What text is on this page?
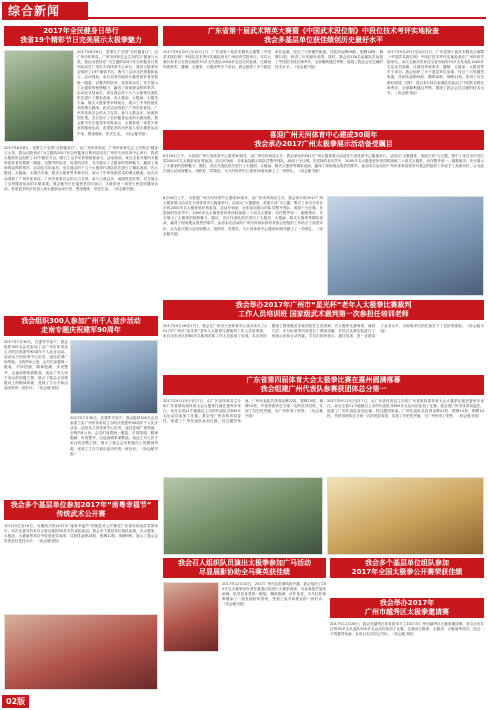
综合新闻
2017年全民健身日举行
我省19个精彩节日完美展示太极拳魅力
2017年8月8日，是第九个全国“全民健身日”。由广州市体育局、广州市体育总会主办的以“健身与大美，我运动我快乐”为主题的2017年全民健身日系列活动在广州市天河体育中心举行，我省太极拳协会组织了19个精彩节目，吸引了众多市民观看和参与。活动现场，来自全省各地的太极拳爱好者身着统一服装，以整齐的队形、优美的动作，充分展示了太极拳的独特魅力，赢得了现场观众阵阵掌声。启动仪式结束后，来自我会的十几个太极拳代表队依次进行了精彩表演，有太极剑、太极扇、太极功夫扇、陈式太极拳等多种项目，展示了中华传统武术的博大精深。此次活动得到了广州市体育局、广州市体育总会的大力支持，参与人数众多，场面热烈壮观，充分展示了全民健身运动的丰硕成果。我会秘书长在接受采访时表示，太极拳是一项老少皆宜的健身运动，希望更多的市民加入到太极拳运动中来，强身健体，快乐生活。（协会秘书组）
2017年8月8日，是第九个全国“全民健身日”。由广州市体育局、广州市体育总会主办的以“健身与大美，我运动我快乐”为主题的2017年全民健身日系列活动在广州市天河体育中心举行，我省太极拳协会组织了19个精彩节目，吸引了众多市民观看和参与。活动现场，来自全省各地的太极拳爱好者身着统一服装，以整齐的队形、优美的动作，充分展示了太极拳的独特魅力，赢得了现场观众阵阵掌声。启动仪式结束后，来自我会的十几个太极拳代表队依次进行了精彩表演，有太极剑、太极扇、太极功夫扇、陈式太极拳等多种项目，展示了中华传统武术的博大精深。此次活动得到了广州市体育局、广州市体育总会的大力支持，参与人数众多，场面热烈壮观，充分展示了全民健身运动的丰硕成果。我会秘书长在接受采访时表示，太极拳是一项老少皆宜的健身运动，希望更多的市民加入到太极拳运动中来，强身健体，快乐生活。（协会秘书组）
我会组织300人参加广州千人徒步活动
走南专题庆祝建军90周年
2017年7月30日，在建军节前夕，我会组织300名会员参加了由广州市体育局主办的庆祝建军90周年千人徒步活动。活动从天河体育中心出发，途经花城广场等地，全程约8公里。会员们身着统一服装，手持国旗，精神饱满，步伐整齐，沿途高唱革命歌曲，表达了对人民子弟兵的崇敬之情，展示了我会会员积极向上的精神风貌，受到了主办方和沿途市民的一致好评。（协会秘书组）
2017年7月30日，在建军节前夕，我会组织300名会员参加了由广州市体育局主办的庆祝建军90周年千人徒步活动。活动从天河体育中心出发，途经花城广场等地，全程约8公里。会员们身着统一服装，手持国旗，精神饱满，步伐整齐，沿途高唱革命歌曲，表达了对人民子弟兵的崇敬之情，展示了我会会员积极向上的精神风貌，受到了主办方和沿途市民的一致好评。（协会秘书组）
我会多个基层单位参加2017年“南粤幸福节”
传统武术公开赛
10月15日至16日，为期两天的2017年“南粤幸福节”传统武术公开赛在广东省体育局武术馆举行。本次比赛共有来自全省各地的50多支代表队参加，我会多个基层单位组队参赛，在太极拳、太极剑、太极扇等项目中取得优异成绩，共获得金牌18枚、银牌12枚、铜牌9枚，展示了我会会员的良好竞技水平。（协会秘书组）
广东省第十届武术精英大赛暨《中国武术段位制》中段位技术考评实地检查
我会多基层单位获佳绩创历史最好水平
2017年9月29日至10月1日，广东省第十届武术精英大赛暨《中国武术段位制》中段位技术考评实地检查在广州体育学院举行。本次大赛共有来自全省各地的70多支代表队1000多名运动员参赛，比赛设传统拳术、器械、太极拳、太极剑等多个项目。我会组织了多个基层单位参赛，经过三天的激烈角逐，共获得金牌26枚、银牌18枚、铜牌11枚，取得了历史最好成绩。同时，我会有134名参赛队员参加了中国武术段位制考评，全部顺利通过考核，展现了我会会员过硬的技术水平。（协会秘书组）
2017年9月29日至10月1日，广东省第十届武术精英大赛暨《中国武术段位制》中段位技术考评实地检查在广州体育学院举行。本次大赛共有来自全省各地的70多支代表队1000多名运动员参赛，比赛设传统拳术、器械、太极拳、太极剑等多个项目。我会组织了多个基层单位参赛，经过三天的激烈角逐，共获得金牌26枚、银牌18枚、铜牌11枚，取得了历史最好成绩。同时，我会有134名参赛队员参加了中国武术段位制考评，全部顺利通过考核，展现了我会会员过硬的技术水平。（协会秘书组）
喜迎广州天河体育中心建成30周年
我会承办2017广州太极拳展示活动备受瞩目
8月26日上午，为喜迎广州天河体育中心建成30周年，由广州市体育局主办、我会承办的2017广州太极拳展示活动在天河体育中心隆重举行。活动以“太极健身，美丽天河”为主题，吸引了来自全市各区的2000多名太极拳爱好者参加。活动开始前，全体参加展示的队员整齐列队，场面十分壮观。在悠扬的音乐声中，2000多名太极拳爱好者同时演练二十四式太极拳，动作整齐划一，刚柔相济，充分展示了太极拳的独特魅力。随后，各区代表队依次进行了太极剑、太极扇、陈式太极拳等精彩表演，赢得了现场观众的热烈掌声。参加本次活动的广州市体育局领导对我会的组织工作给予了高度评价，认为此次展示活动规模大、组织好、效果佳，为天河体育中心建成30周年献上了一份厚礼。（协会秘书组）
8月26日上午，为喜迎广州天河体育中心建成30周年，由广州市体育局主办、我会承办的2017广州太极拳展示活动在天河体育中心隆重举行。活动以“太极健身，美丽天河”为主题，吸引了来自全市各区的2000多名太极拳爱好者参加。活动开始前，全体参加展示的队员整齐列队，场面十分壮观。在悠扬的音乐声中，2000多名太极拳爱好者同时演练二十四式太极拳，动作整齐划一，刚柔相济，充分展示了太极拳的独特魅力。随后，各区代表队依次进行了太极剑、太极扇、陈式太极拳等精彩表演，赢得了现场观众的热烈掌声。参加本次活动的广州市体育局领导对我会的组织工作给予了高度评价，认为此次展示活动规模大、组织好、效果佳，为天河体育中心建成30周年献上了一份厚礼。（协会秘书组）
我会举办2017年广州市“星光杯”老年人太极拳比赛裁判
工作人员培训班 国家级武术裁判第一次参担任培训老师
2017年9月16至17日，我会在广州市天河体育中心成功举办了2017年广州市“星光杯”老年人太极拳比赛裁判工作人员培训班。来自全市各区的60多名裁判员和工作人员参加了培训。本次培训邀请了国家级武术裁判担任主讲老师，对太极拳比赛规则、裁判方法、评分标准等内容进行了系统讲解，并结合比赛实际进行了现场示范和互动答疑。学员们纷纷表示，通过培训，进一步提高了业务水平，为即将举行的比赛打下了良好的基础。（协会秘书组）
广东省第四届体育大会太极拳比赛在惠州圆满落幕
我会组建广州代表队参赛获团体总分第一
2017年9月15日至17日，由广东省体育局主办的广东省第四届体育大会太极拳比赛在惠州市举行。来自全省21个地级以上市的代表队共600多名运动员参加了比赛。我会受广州市体育局委托，组建了广州代表队参加比赛。经过激烈角逐，广州代表队共获得金牌22枚、银牌15枚、铜牌10枚，并获得团体总分第一名的优异成绩，实现了历史性突破，为广州争得了荣誉。（协会秘书组）
2017年9月15日至17日，由广东省体育局主办的广东省第四届体育大会太极拳比赛在惠州市举行。来自全省21个地级以上市的代表队共600多名运动员参加了比赛。我会受广州市体育局委托，组建了广州代表队参加比赛。经过激烈角逐，广州代表队共获得金牌22枚、银牌15枚、铜牌10枚，并获得团体总分第一名的优异成绩，实现了历史性突破，为广州争得了荣誉。（协会秘书组）
我会多个基层单位组队参加
2017年全国太极拳公开赛荣获佳绩
我会召人组织队员演出太极拳参加广马活动
尽显展影协助全马赛英获佳绩
2017年12月10日，2017广州马拉松赛鸣枪开跑，我会组织了200多名太极拳爱好者在赛道沿线进行太极拳表演，为参赛选手加油助威。队员们身着统一服装，精神饱满，动作优美，为马拉松赛事增添了一道亮丽的风景线，受到了选手和观众的一致好评。（协会秘书组）	我会举办2017年
广州市越秀区太极拳邀请赛
2017年11月26日，我会在越秀区体育馆举办了2017年广州市越秀区太极拳邀请赛。来自全市各区的30多支代表队500多名运动员参加了比赛。比赛设太极拳、太极剑、太极扇等项目，经过一天的激烈角逐，各项目名次均已决出。（协会秘书组）
02版
